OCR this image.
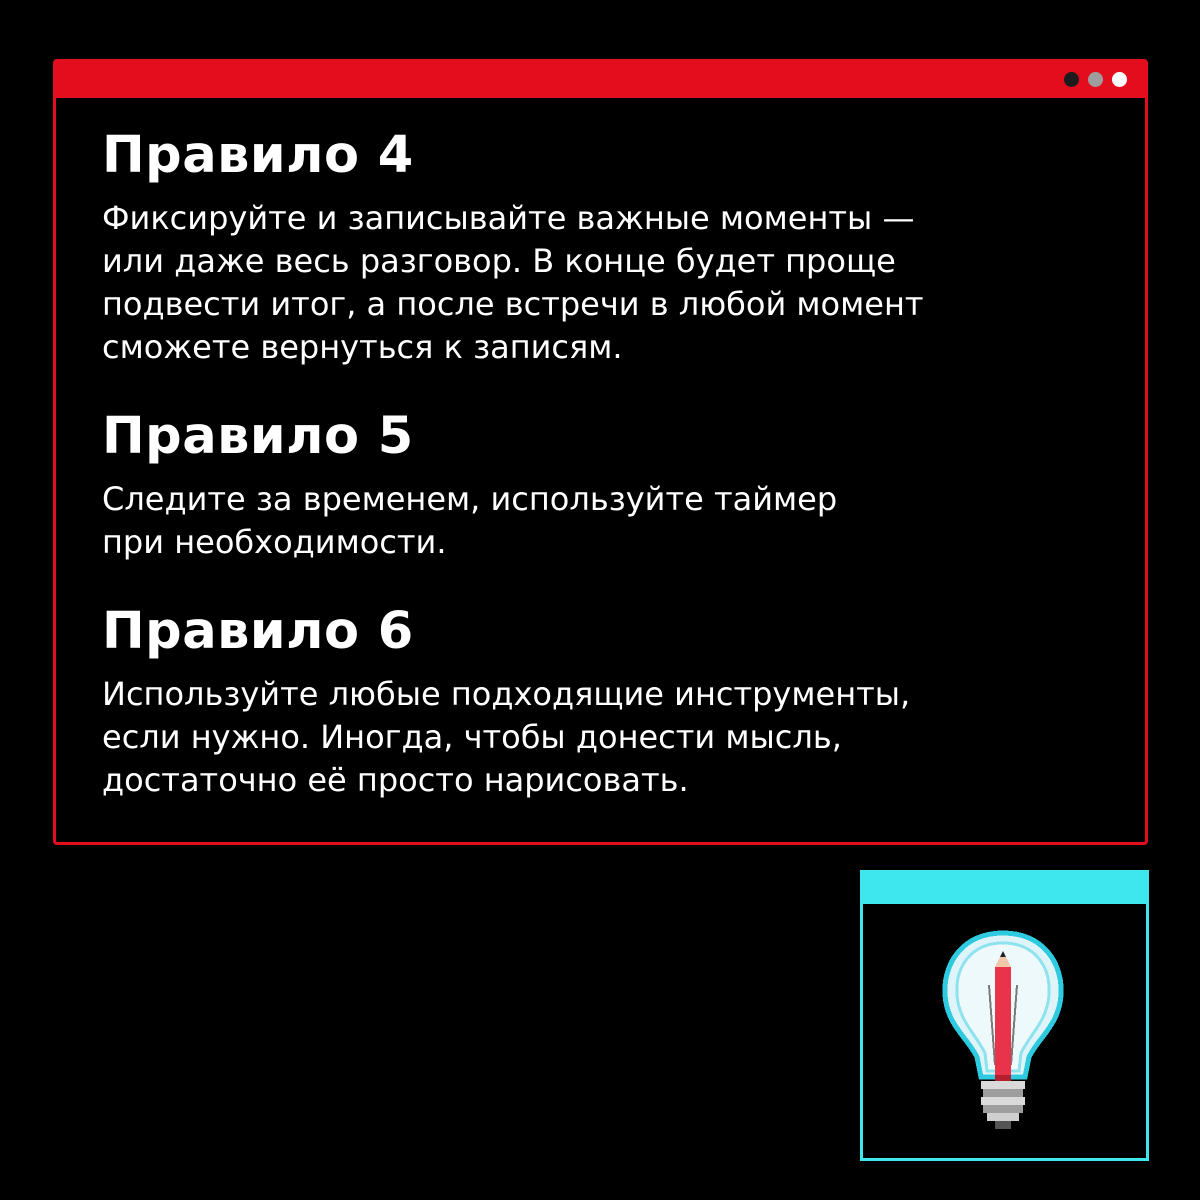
Правило 4

Фиксируйте и записывайте важные моменты —
или даже весь разговор. В конце будет проще
подвести итог, а после встречи в любой момент
сможете вернуться к записям.

Правило 5

Следите за временем, используйте таймер
при необходимости.

Правило 6

Используйте любые подходящие инструменты,
если нужно. Иногда, чтобы донести мысль,
достаточно её просто нарисовать.
